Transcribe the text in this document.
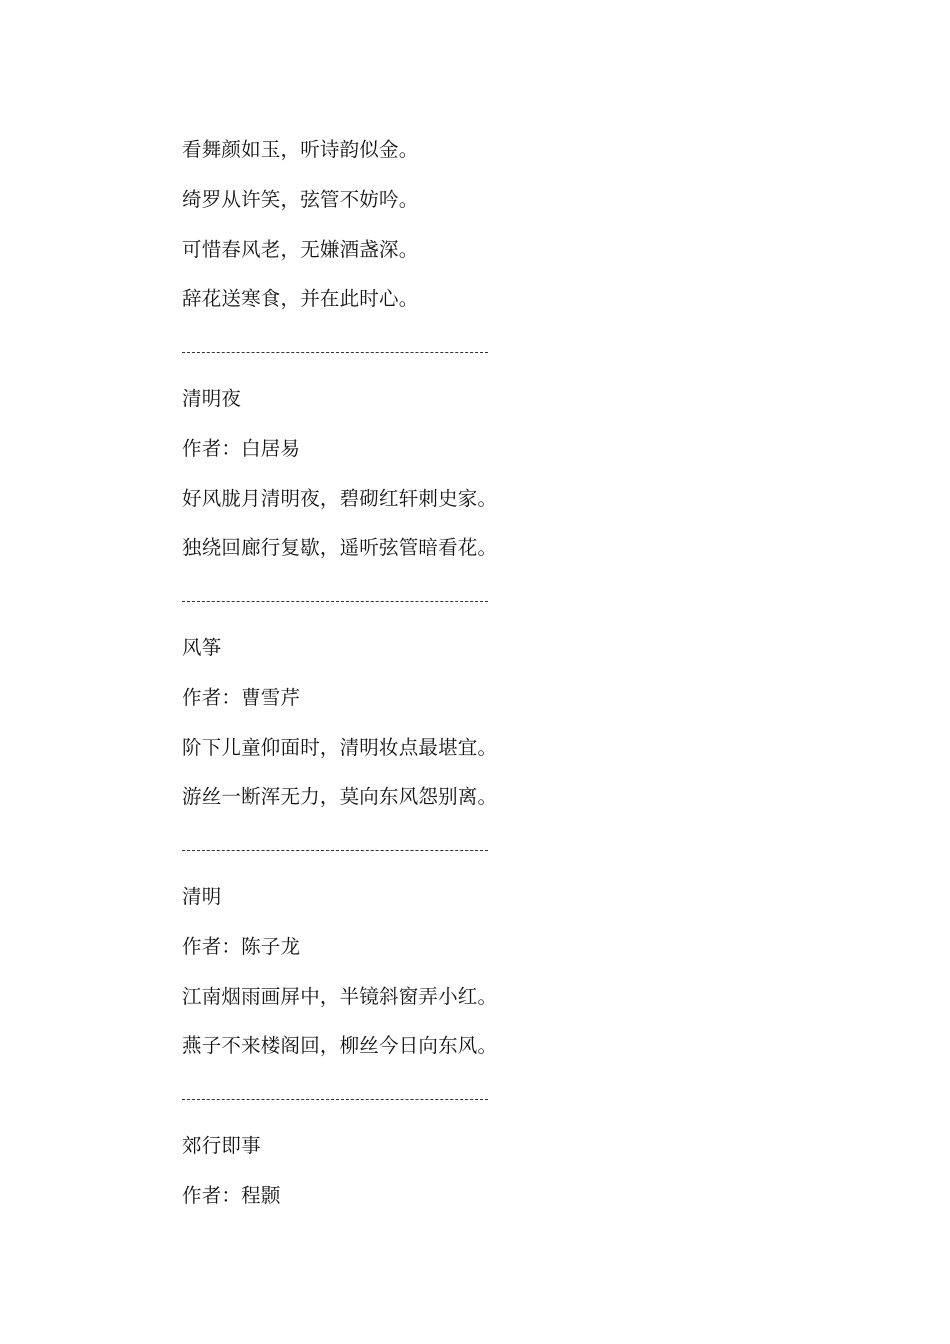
看舞颜如玉，听诗韵似金。
绮罗从许笑，弦管不妨吟。
可惜春风老，无嫌酒盏深。
辞花送寒食，并在此时心。
清明夜
作者：白居易
好风胧月清明夜，碧砌红轩刺史家。
独绕回廊行复歇，遥听弦管暗看花。
风筝
作者：曹雪芹
阶下儿童仰面时，清明妆点最堪宜。
游丝一断浑无力，莫向东风怨别离。
清明
作者：陈子龙
江南烟雨画屏中，半镜斜窗弄小红。
燕子不来楼阁回，柳丝今日向东风。
郊行即事
作者：程颢
